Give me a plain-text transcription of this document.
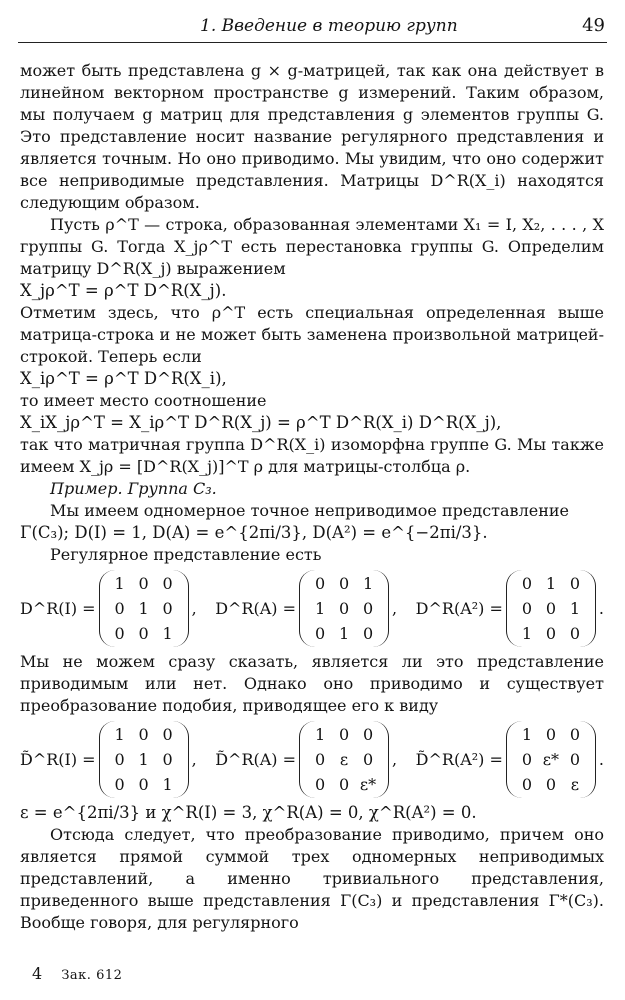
1. Введение в теорию групп	49

может быть представлена g × g-матрицей, так как она действует в линейном векторном пространстве g измерений. Таким образом, мы получаем g матриц для представления g элементов группы G. Это представление носит название регулярного представления и является точным. Но оно приводимо. Мы увидим, что оно содержит все неприводимые представления. Матрицы D^R(X_i) находятся следующим образом.

Пусть ρ^T — строка, образованная элементами X₁ = I, X₂, . . . , X группы G. Тогда X_jρ^T есть перестановка группы G. Определим матрицу D^R(X_j) выражением

X_jρ^T = ρ^T D^R(X_j).

Отметим здесь, что ρ^T есть специальная определенная выше матрица-строка и не может быть заменена произвольной матрицей-строкой. Теперь если

X_iρ^T = ρ^T D^R(X_i),

то имеет место соотношение

X_iX_jρ^T = X_iρ^T D^R(X_j) = ρ^T D^R(X_i) D^R(X_j),

так что матричная группа D^R(X_i) изоморфна группе G. Мы также имеем X_jρ = [D^R(X_j)]^T ρ для матрицы-столбца ρ.

Пример. Группа C₃.

Мы имеем одномерное точное неприводимое представление

Γ(C₃); D(I) = 1, D(A) = e^{2πi/3}, D(A²) = e^{−2πi/3}.

Регулярное представление есть

D^R(I) =
1 0 0
0 1 0
0 0 1
, D^R(A) =
0 0 1
1 0 0
0 1 0
, D^R(A²) =
0 1 0
0 0 1
1 0 0
.

Мы не можем сразу сказать, является ли это представление приводимым или нет. Однако оно приводимо и существует преобразование подобия, приводящее его к виду

D̃^R(I) =
1 0 0
0 1 0
0 0 1
, D̃^R(A) =
1 0 0
0 ε 0
0 0 ε*
, D̃^R(A²) =
1 0 0
0 ε* 0
0 0 ε
.

ε = e^{2πi/3} и χ^R(I) = 3, χ^R(A) = 0, χ^R(A²) = 0.

Отсюда следует, что преобразование приводимо, причем оно является прямой суммой трех одномерных неприводимых представлений, а именно тривиального представления, приведенного выше представления Γ(C₃) и представления Γ*(C₃). Вообще говоря, для регулярного

4 Зак. 612
